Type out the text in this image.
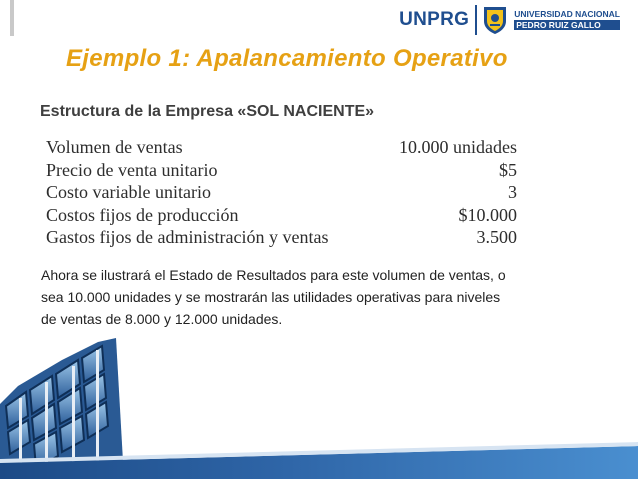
UNPRG	UNIVERSIDAD NACIONAL
PEDRO RUIZ GALLO
Ejemplo 1: Apalancamiento Operativo
Estructura de la Empresa «SOL NACIENTE»
Volumen de ventas	10.000 unidades
Precio de venta unitario	$5
Costo variable unitario	3
Costos fijos de producción	$10.000
Gastos fijos de administración y ventas	3.500

Ahora se ilustrará el Estado de Resultados para este volumen de ventas, o
sea 10.000 unidades y se mostrarán las utilidades operativas para niveles
de ventas de 8.000 y 12.000 unidades.
